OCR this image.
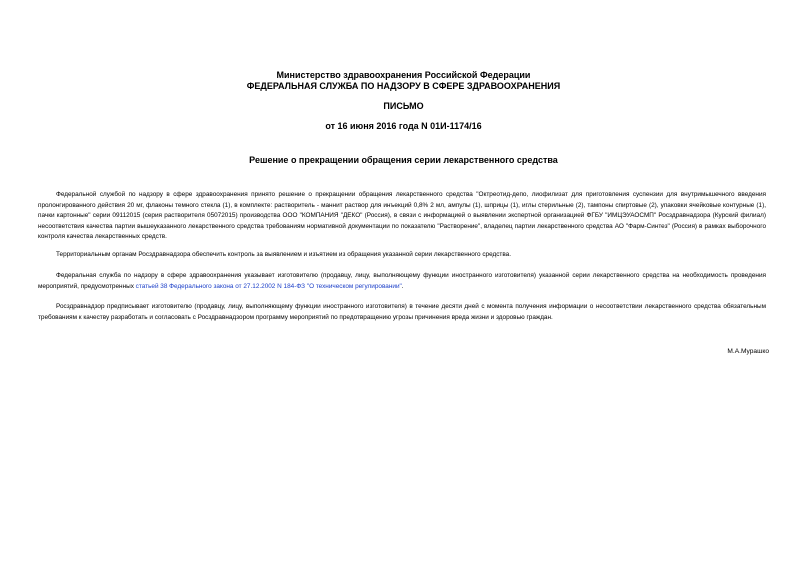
Министерство здравоохранения Российской Федерации
ФЕДЕРАЛЬНАЯ СЛУЖБА ПО НАДЗОРУ В СФЕРЕ ЗДРАВООХРАНЕНИЯ
ПИСЬМО
от 16 июня 2016 года N 01И-1174/16
Решение о прекращении обращения серии лекарственного средства

Федеральной службой по надзору в сфере здравоохранения принято решение о прекращении обращения лекарственного средства "Октреотид-депо, лиофилизат для приготовления суспензии для внутримышечного введения пролонгированного действия 20 мг, флаконы темного стекла (1), в комплекте: растворитель - маннит раствор для инъекций 0,8% 2 мл, ампулы (1), шприцы (1), иглы стерильные (2), тампоны спиртовые (2), упаковки ячейковые контурные (1), пачки картонные" серии 09112015 (серия растворителя 05072015) производства ООО "КОМПАНИЯ "ДЕКО" (Россия), в связи с информацией о выявлении экспертной организацией ФГБУ "ИМЦЭУАОСМП" Росздравнадзора (Курский филиал) несоответствия качества партии вышеуказанного лекарственного средства требованиям нормативной документации по показателю "Растворение", владелец партии лекарственного средства АО "Фарм-Синтез" (Россия) в рамках выборочного контроля качества лекарственных средств.

Территориальным органам Росздравнадзора обеспечить контроль за выявлением и изъятием из обращения указанной серии лекарственного средства.

Федеральная служба по надзору в сфере здравоохранения указывает изготовителю (продавцу, лицу, выполняющему функции иностранного изготовителя) указанной серии лекарственного средства на необходимость проведения мероприятий, предусмотренных статьей 38 Федерального закона от 27.12.2002 N 184-ФЗ "О техническом регулировании".

Росздравнадзор предписывает изготовителю (продавцу, лицу, выполняющему функции иностранного изготовителя) в течение десяти дней с момента получения информации о несоответствии лекарственного средства обязательным требованиям к качеству разработать и согласовать с Росздравнадзором программу мероприятий по предотвращению угрозы причинения вреда жизни и здоровью граждан.

М.А.Мурашко
